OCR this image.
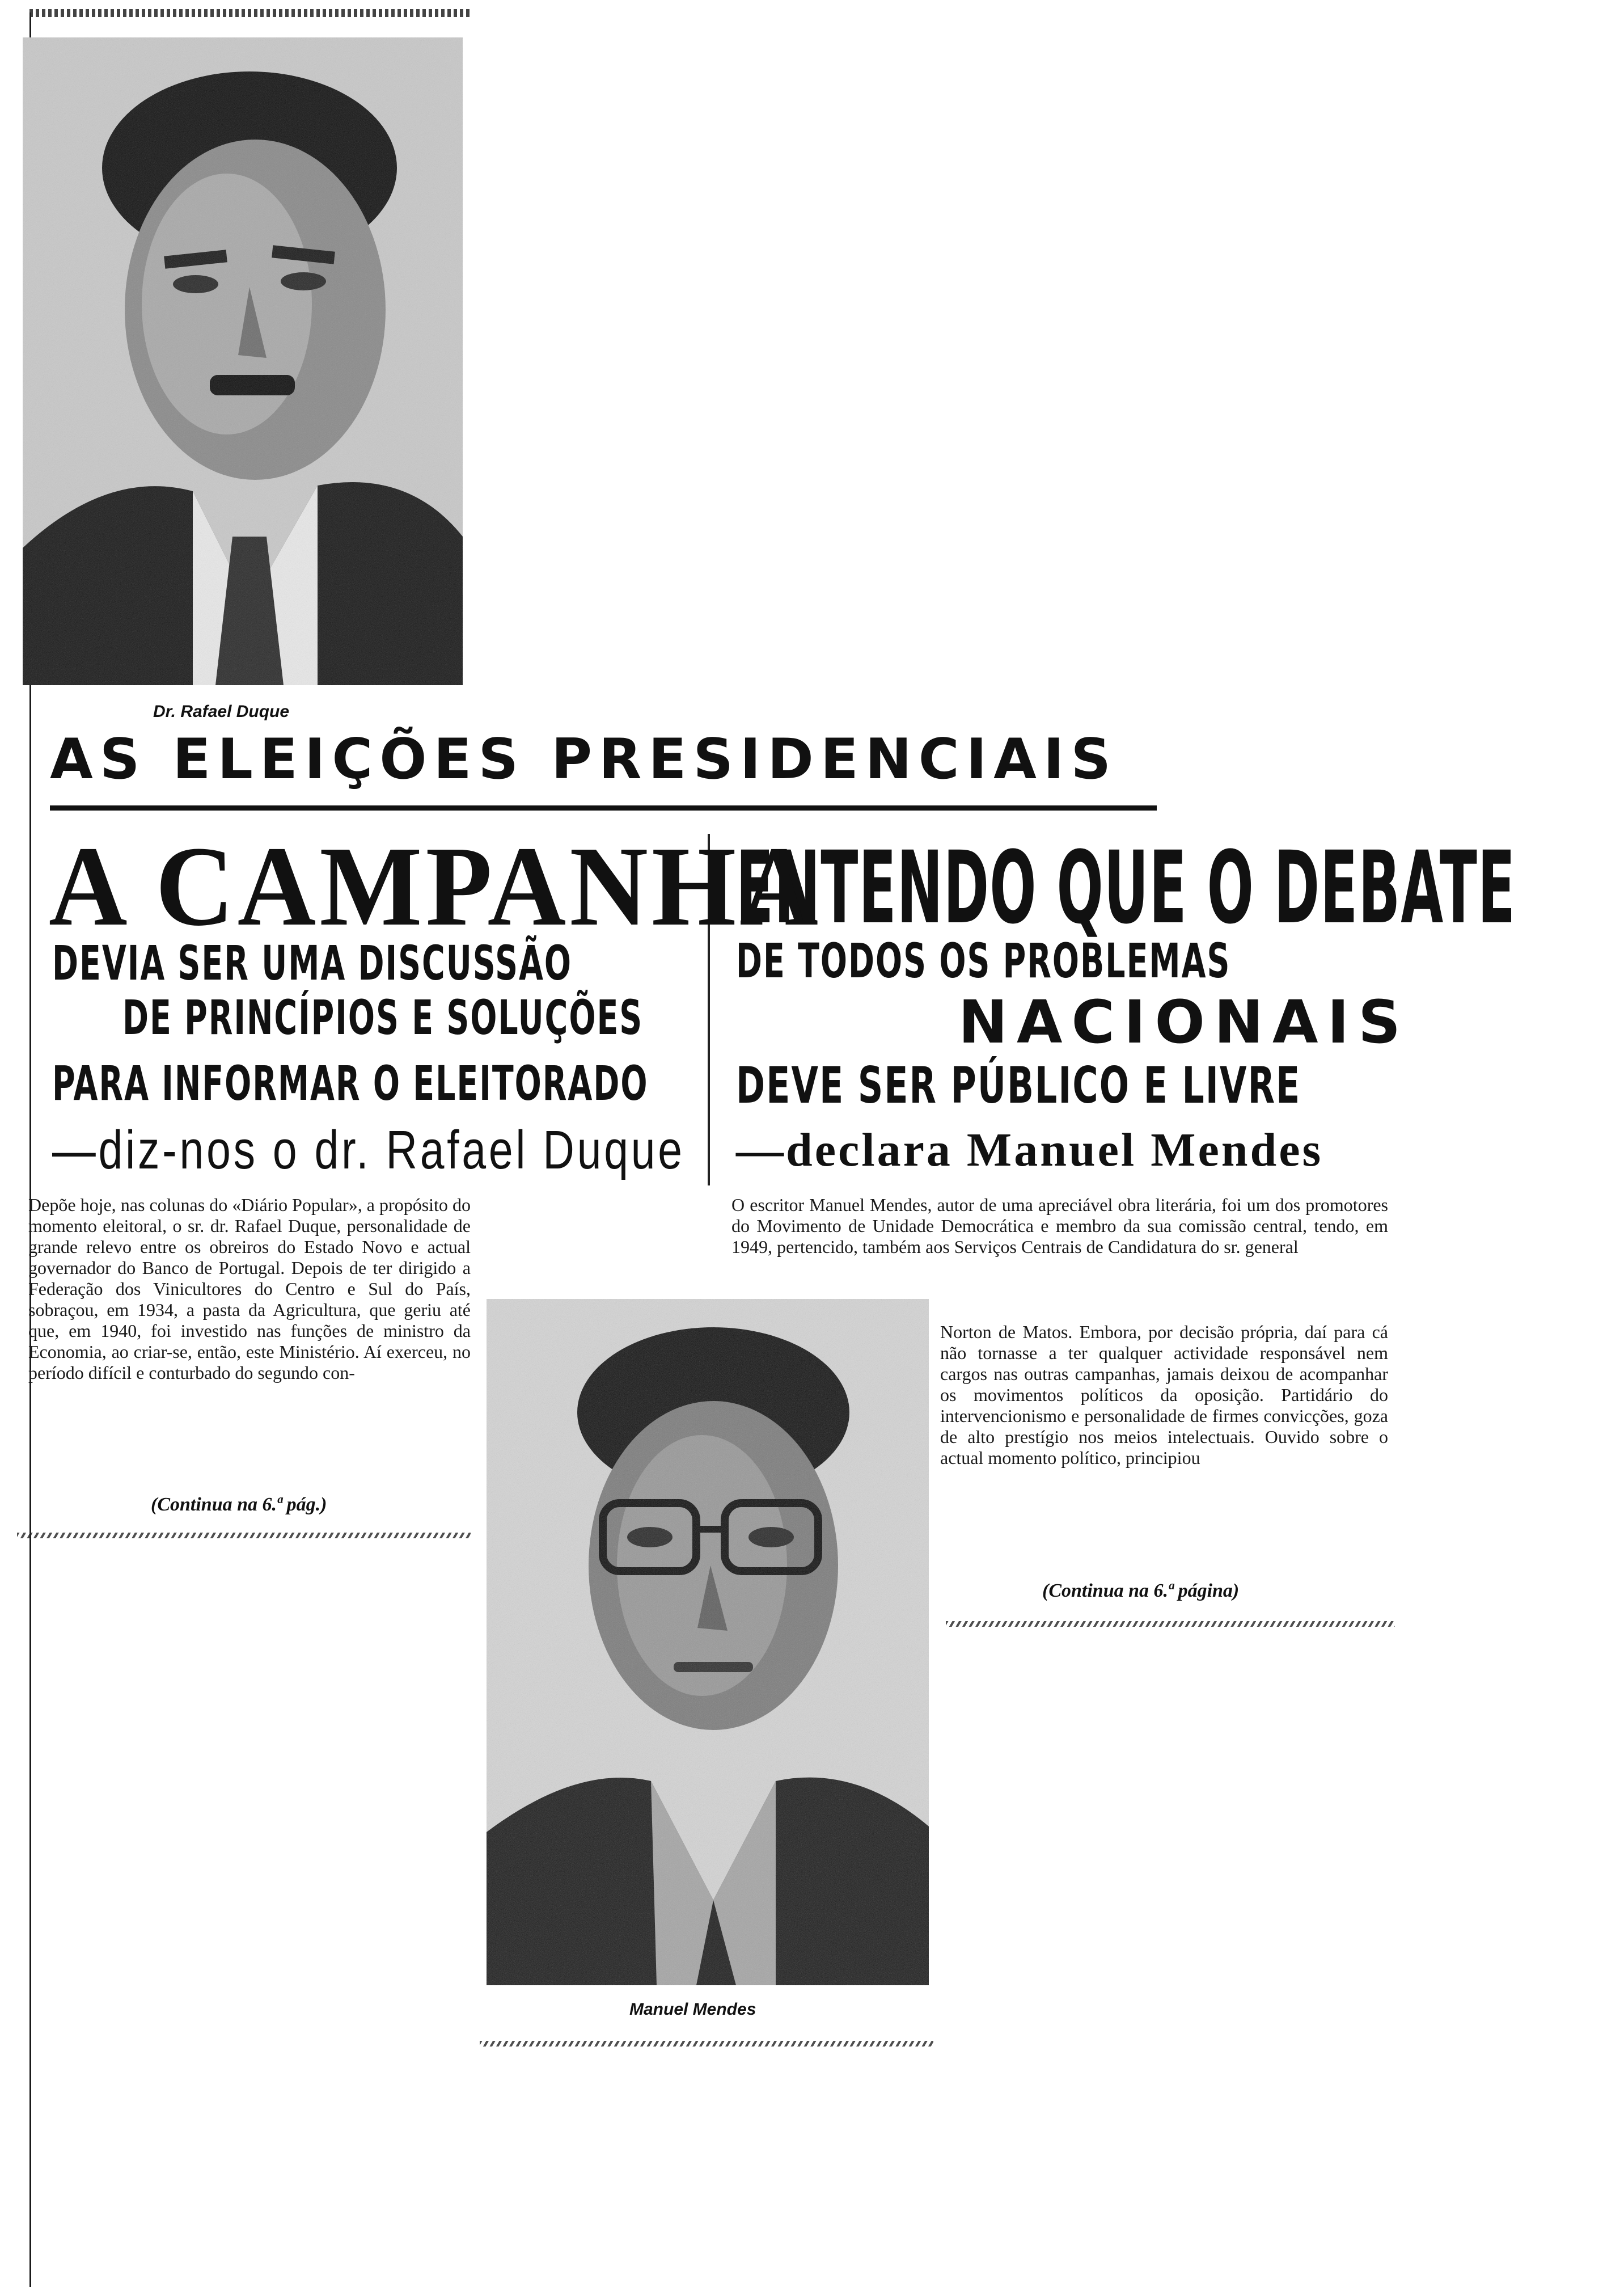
Dr. Rafael Duque
AS ELEIÇÕES PRESIDENCIAIS
A CAMPANHA
DEVIA SER UMA DISCUSSÃO
DE PRINCÍPIOS E SOLUÇÕES
PARA INFORMAR O ELEITORADO
—diz-nos o dr. Rafael Duque
ENTENDO QUE O DEBATE
DE TODOS OS PROBLEMAS
NACIONAIS
DEVE SER PÚBLICO E LIVRE
—declara Manuel Mendes

Depõe hoje, nas colunas do «Diário Popular», a propósito do momento eleitoral, o sr. dr. Rafael Duque, personalidade de grande relevo entre os obreiros do Estado Novo e actual governador do Banco de Portugal. Depois de ter dirigido a Federação dos Vinicultores do Centro e Sul do País, sobraçou, em 1934, a pasta da Agricultura, que geriu até que, em 1940, foi investido nas funções de ministro da Economia, ao criar-se, então, este Ministério. Aí exerceu, no período difícil e conturbado do segundo con-

(Continua na 6.ª pág.)

O escritor Manuel Mendes, autor de uma apreciável obra literária, foi um dos promotores do Movimento de Unidade Democrática e membro da sua comissão central, tendo, em 1949, pertencido, também aos Serviços Centrais de Candidatura do sr. general

Norton de Matos. Embora, por decisão própria, daí para cá não tornasse a ter qualquer actividade responsável nem cargos nas outras campanhas, jamais deixou de acompanhar os movimentos políticos da oposição. Partidário do intervencionismo e personalidade de firmes convicções, goza de alto prestígio nos meios intelectuais. Ouvido sobre o actual momento político, principiou

(Continua na 6.ª página)
Manuel Mendes
